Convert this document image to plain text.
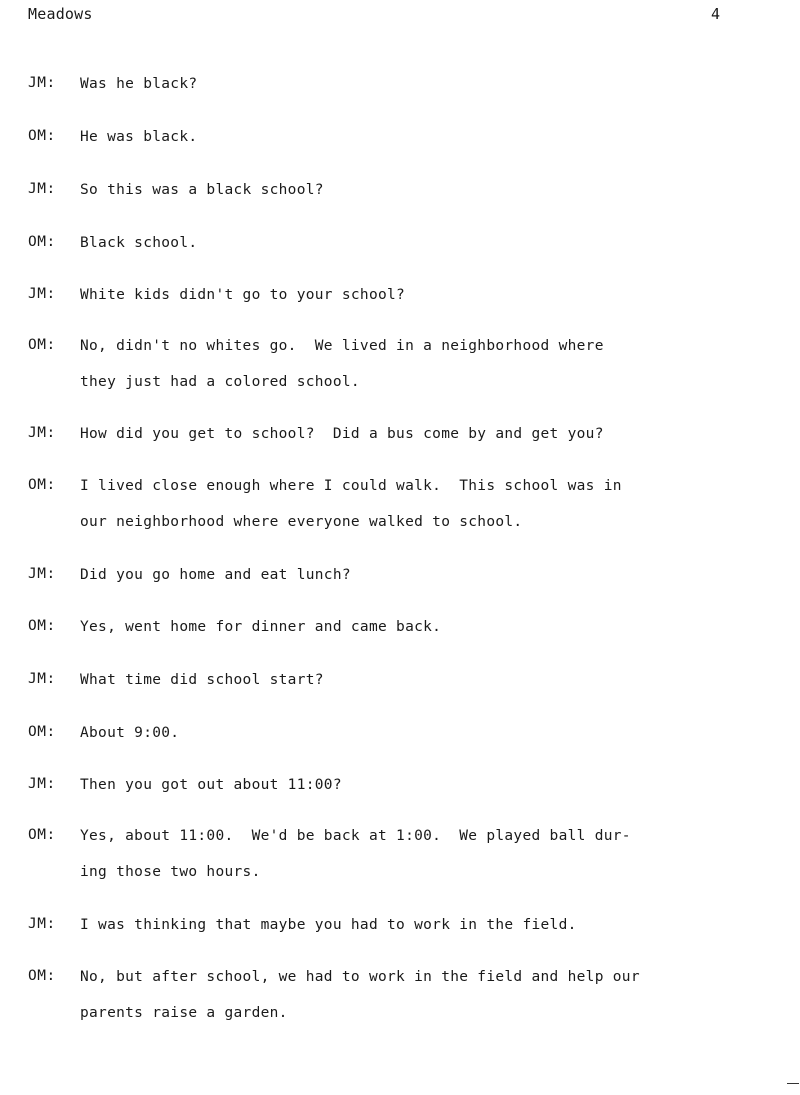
Meadows	4
JM: Was he black?
OM: He was black.
JM: So this was a black school?
OM: Black school.
JM: White kids didn't go to your school?
OM: No, didn't no whites go.  We lived in a neighborhood where
they just had a colored school.
JM: How did you get to school?  Did a bus come by and get you?
OM: I lived close enough where I could walk.  This school was in
our neighborhood where everyone walked to school.
JM: Did you go home and eat lunch?
OM: Yes, went home for dinner and came back.
JM: What time did school start?
OM: About 9:00.
JM: Then you got out about 11:00?
OM: Yes, about 11:00.  We'd be back at 1:00.  We played ball dur-
ing those two hours.
JM: I was thinking that maybe you had to work in the field.
OM: No, but after school, we had to work in the field and help our
parents raise a garden.
